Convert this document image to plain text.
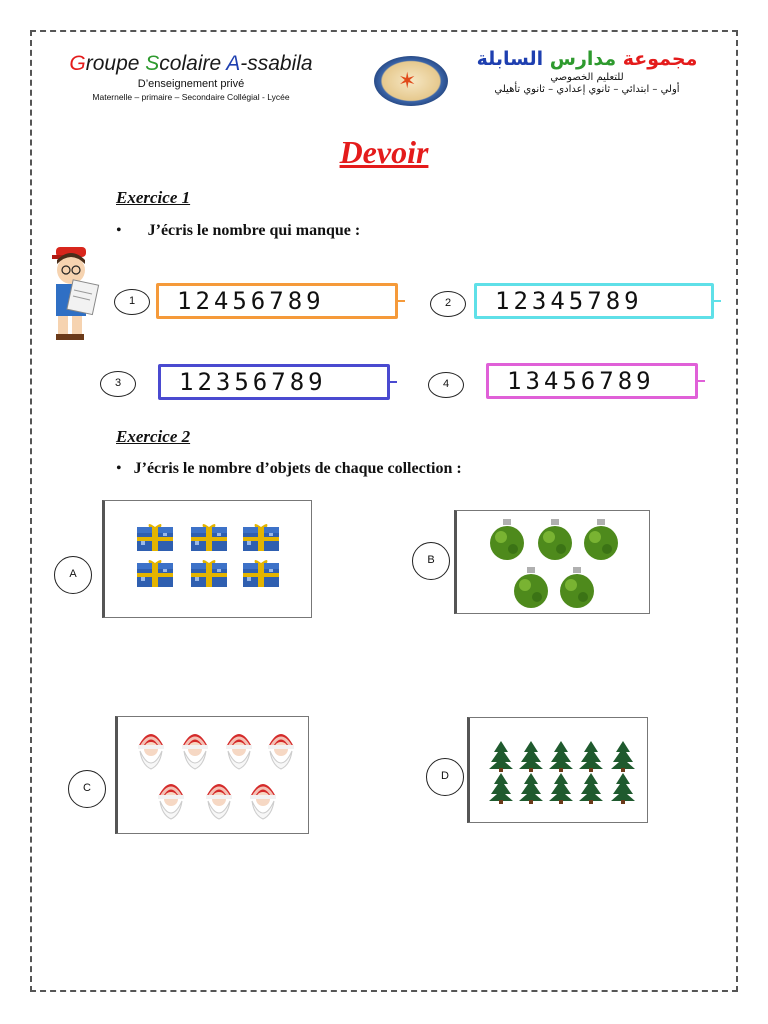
Groupe Scolaire A-ssabila
D’enseignement privé
Maternelle – primaire – Secondaire Collégial - Lycée
✶
مجموعة مدارس السابلة
للتعليم الخصوصي
أولي – ابتدائي – ثانوي إعدادي – ثانوي تأهيلي
Devoir
Exercice 1
• J’écris le nombre qui manque :
1	12456789	2	12345789
3	12356789	4	13456789
Exercice 2
• J’écris le nombre d’objets de chaque collection :
A
B
C
D
